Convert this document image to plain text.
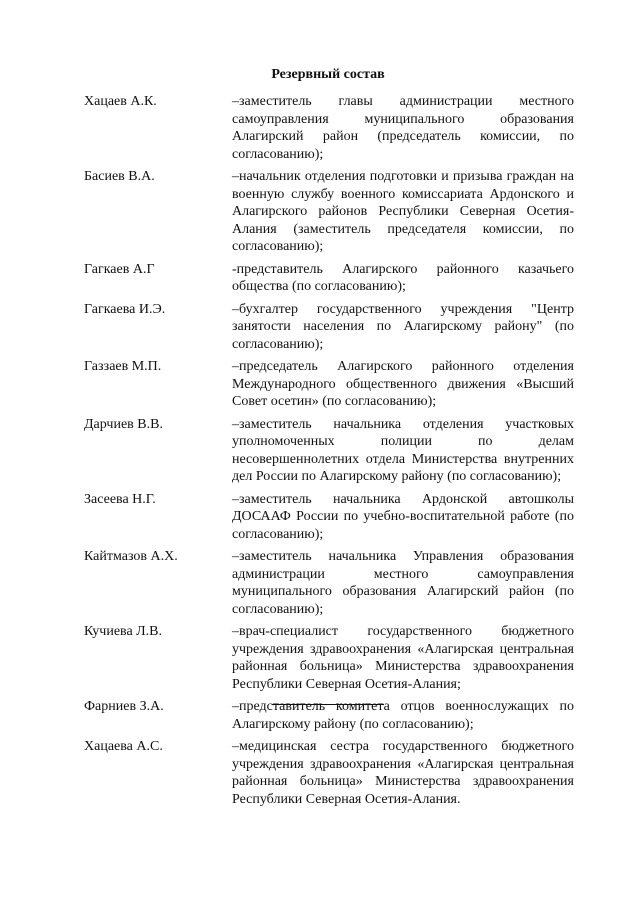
Резервный состав
Хацаев А.К.	–заместитель главы администрации местного самоуправления муниципального образования Алагирский район (председатель комиссии, по согласованию);
Басиев В.А.	–начальник отделения подготовки и призыва граждан на военную службу военного комиссариата Ардонского и Алагирского районов Республики Северная Осетия-Алания (заместитель председателя комиссии, по согласованию);
Гагкаев А.Г	-представитель Алагирского районного казачьего общества (по согласованию);
Гагкаева И.Э.	–бухгалтер государственного учреждения "Центр занятости населения по Алагирскому району" (по согласованию);
Газзаев М.П.	–председатель Алагирского районного отделения Международного общественного движения «Высший Совет осетин» (по согласованию);
Дарчиев В.В.	–заместитель начальника отделения участковых уполномоченных полиции по делам несовершеннолетних отдела Министерства внутренних дел России по Алагирскому району (по согласованию);
Засеева Н.Г.	–заместитель начальника Ардонской автошколы ДОСААФ России по учебно-воспитательной работе (по согласованию);
Кайтмазов А.Х.	–заместитель начальника Управления образования администрации местного самоуправления муниципального образования Алагирский район (по согласованию);
Кучиева Л.В.	–врач-специалист государственного бюджетного учреждения здравоохранения «Алагирская центральная районная больница» Министерства здравоохранения Республики Северная Осетия-Алания;
Фарниев З.А.	–представитель комитета отцов военнослужащих по Алагирскому району (по согласованию);
Хацаева А.С.	–медицинская сестра государственного бюджетного учреждения здравоохранения «Алагирская центральная районная больница» Министерства здравоохранения Республики Северная Осетия-Алания.
